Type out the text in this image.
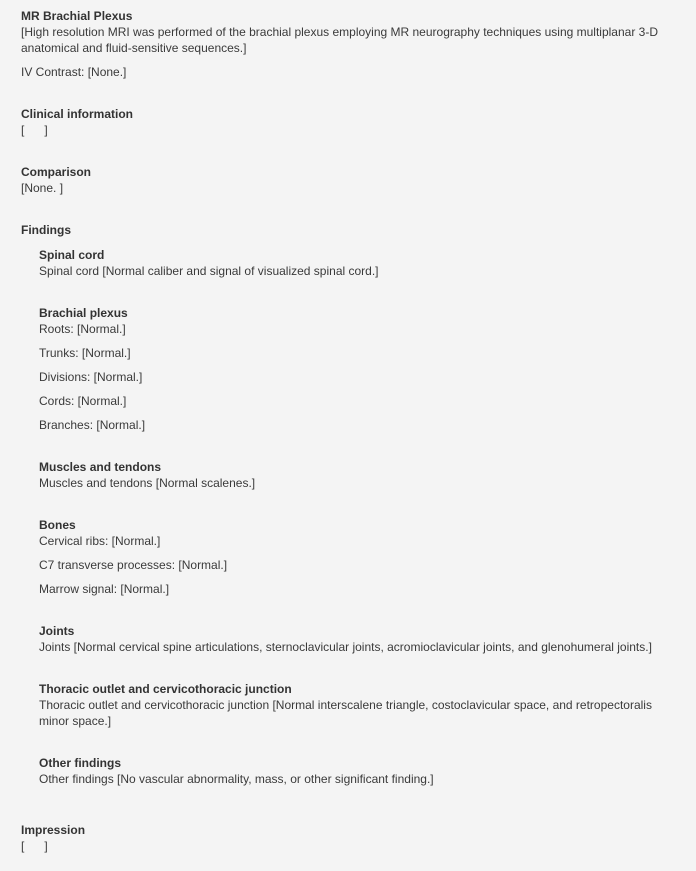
MR Brachial Plexus

[High resolution MRI was performed of the brachial plexus employing MR neurography techniques using multiplanar 3-D anatomical and fluid-sensitive sequences.]

IV Contrast: [None.]

Clinical information
[      ]
Comparison
[None. ]
Findings
Spinal cord
Spinal cord [Normal caliber and signal of visualized spinal cord.]
Brachial plexus
Roots: [Normal.]
Trunks: [Normal.]
Divisions: [Normal.]
Cords: [Normal.]
Branches: [Normal.]
Muscles and tendons
Muscles and tendons [Normal scalenes.]
Bones
Cervical ribs: [Normal.]
C7 transverse processes: [Normal.]
Marrow signal: [Normal.]
Joints
Joints [Normal cervical spine articulations, sternoclavicular joints, acromioclavicular joints, and glenohumeral joints.]
Thoracic outlet and cervicothoracic junction
Thoracic outlet and cervicothoracic junction [Normal interscalene triangle, costoclavicular space, and retropectoralis minor space.]
Other findings
Other findings [No vascular abnormality, mass, or other significant finding.]
Impression
[      ]
